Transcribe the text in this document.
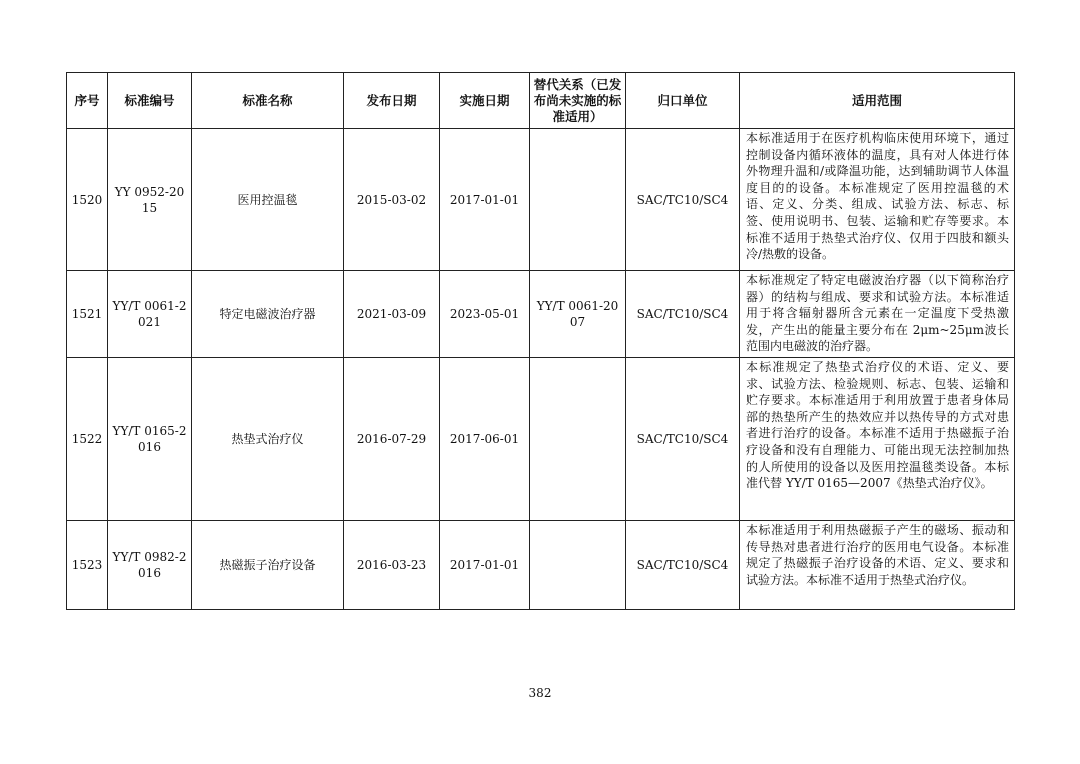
序号	标准编号	标准名称	发布日期	实施日期	替代关系（已发布尚未实施的标准适用）	归口单位	适用范围
1520	YY 0952-2015	医用控温毯	2015-03-02	2017-01-01		SAC/TC10/SC4	本标准适用于在医疗机构临床使用环境下，通过控制设备内循环液体的温度，具有对人体进行体外物理升温和/或降温功能，达到辅助调节人体温度目的的设备。本标准规定了医用控温毯的术语、定义、分类、组成、试验方法、标志、标签、使用说明书、包装、运输和贮存等要求。本标准不适用于热垫式治疗仪、仅用于四肢和额头冷/热敷的设备。
1521	YY/T 0061-2021	特定电磁波治疗器	2021-03-09	2023-05-01	YY/T 0061-2007	SAC/TC10/SC4	本标准规定了特定电磁波治疗器（以下简称治疗器）的结构与组成、要求和试验方法。本标准适用于将含辐射器所含元素在一定温度下受热激发，产生出的能量主要分布在 2μm~25μm波长范围内电磁波的治疗器。
1522	YY/T 0165-2016	热垫式治疗仪	2016-07-29	2017-06-01		SAC/TC10/SC4	本标准规定了热垫式治疗仪的术语、定义、要求、试验方法、检验规则、标志、包装、运输和贮存要求。本标准适用于利用放置于患者身体局部的热垫所产生的热效应并以热传导的方式对患者进行治疗的设备。本标准不适用于热磁振子治疗设备和没有自理能力、可能出现无法控制加热的人所使用的设备以及医用控温毯类设备。本标准代替 YY/T 0165—2007《热垫式治疗仪》。
1523	YY/T 0982-2016	热磁振子治疗设备	2016-03-23	2017-01-01		SAC/TC10/SC4	本标准适用于利用热磁振子产生的磁场、振动和传导热对患者进行治疗的医用电气设备。本标准规定了热磁振子治疗设备的术语、定义、要求和试验方法。本标准不适用于热垫式治疗仪。
382
